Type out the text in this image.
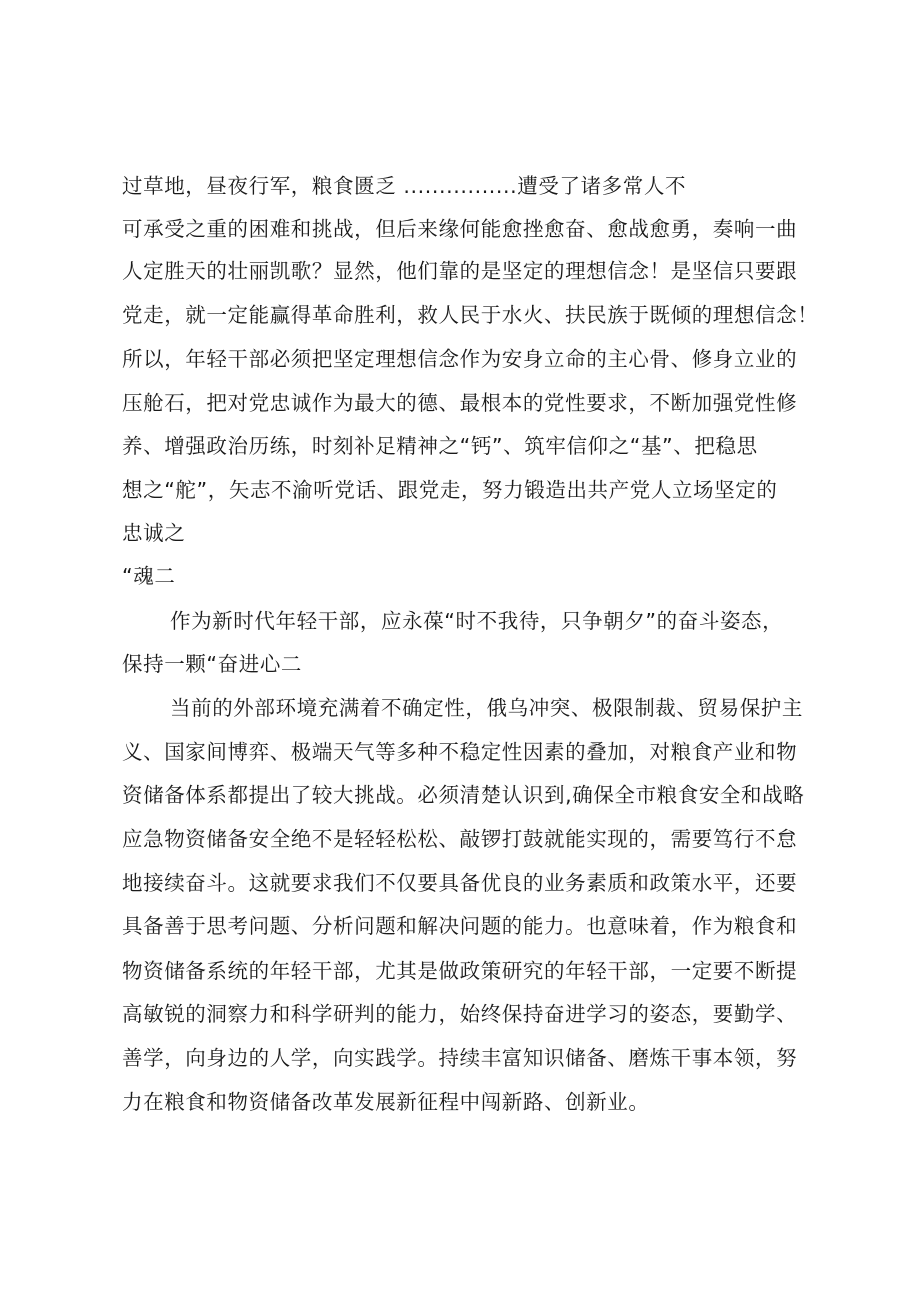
过草地，昼夜行军，粮食匮乏 ................遭受了诸多常人不
可承受之重的困难和挑战，但后来缘何能愈挫愈奋、愈战愈勇，奏响一曲
人定胜天的壮丽凯歌？显然，他们靠的是坚定的理想信念！是坚信只要跟
党走，就一定能赢得革命胜利，救人民于水火、扶民族于既倾的理想信念！
所以，年轻干部必须把坚定理想信念作为安身立命的主心骨、修身立业的
压舱石，把对党忠诚作为最大的德、最根本的党性要求，不断加强党性修
养、增强政治历练，时刻补足精神之“钙”、筑牢信仰之“基”、把稳思
想之“舵”，矢志不渝听党话、跟党走，努力锻造出共产党人立场坚定的
忠诚之
“魂二
作为新时代年轻干部，应永葆“时不我待，只争朝夕”的奋斗姿态，
保持一颗“奋进心二
当前的外部环境充满着不确定性，俄乌冲突、极限制裁、贸易保护主
义、国家间博弈、极端天气等多种不稳定性因素的叠加，对粮食产业和物
资储备体系都提出了较大挑战。必须清楚认识到,确保全市粮食安全和战略
应急物资储备安全绝不是轻轻松松、敲锣打鼓就能实现的，需要笃行不怠
地接续奋斗。这就要求我们不仅要具备优良的业务素质和政策水平，还要
具备善于思考问题、分析问题和解决问题的能力。也意味着，作为粮食和
物资储备系统的年轻干部，尤其是做政策研究的年轻干部，一定要不断提
高敏锐的洞察力和科学研判的能力，始终保持奋进学习的姿态，要勤学、
善学，向身边的人学，向实践学。持续丰富知识储备、磨炼干事本领，努
力在粮食和物资储备改革发展新征程中闯新路、创新业。
